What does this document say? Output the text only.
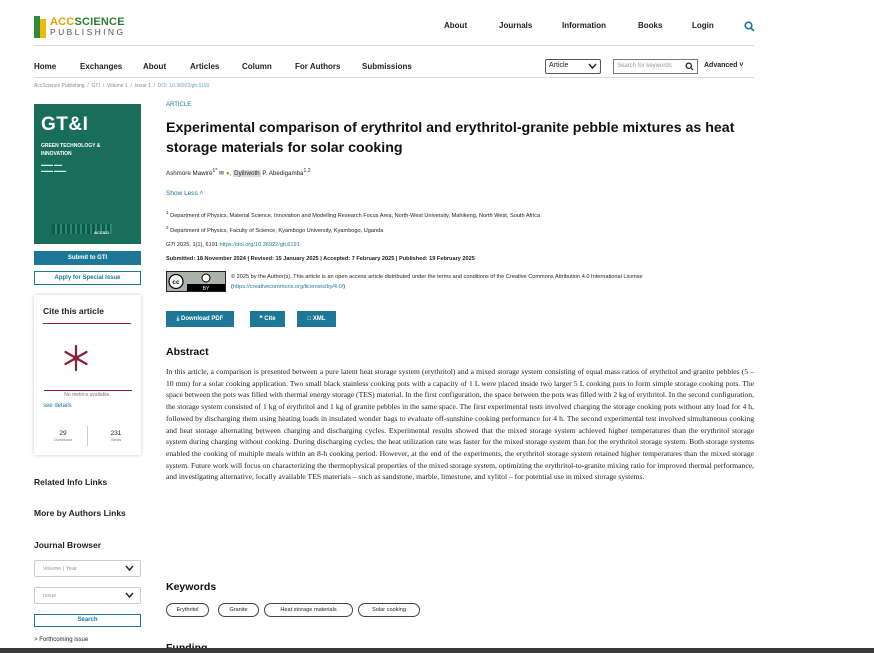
ACCSCIENCE
PUBLISHING
About	Journals	Information	Books	Login
Home	Exchanges	About	Articles	Column	For Authors	Submissions	Article	Search for keywords	Advanced ˅
AccScience Publishing  /  GTI  /  Volume 1  /  Issue 1  /  DOI: 10.36922/gti.6191
GT&I
GREEN TECHNOLOGY &
INNOVATION
▬▬▬ ▬▬
▬▬▬ ▬▬▬
ACCSCI
Submit to GTI
Apply for Special Issue
Cite this article
No metrics available.
see details
29
Download
231
Views
Related Info Links
More by Authors Links
Journal Browser
Volume | Year
Issue
Search
> Forthcoming issue
ARTICLE
Experimental comparison of erythritol and erythritol-granite pebble mixtures as heat storage materials for solar cooking
Ashmore Mawire$^{1*}$ ✉ ●, Dyilrwoth P. Abedigamba$^{1,2}$
Show Less ˄
$^1$ Department of Physics, Material Science, Innovation and Modelling Research Focus Area, North-West University, Mahikeng, North West, South Africa
$^2$ Department of Physics, Faculty of Science, Kyambogo University, Kyambogo, Uganda
GTI 2025, 1(1), 6191 https://doi.org/10.36922/gti.6191
Submitted: 18 November 2024 | Revised: 15 January 2025 | Accepted: 7 February 2025 | Published: 19 February 2025
cc
BY
© 2025 by the Author(s). This article is an open access article distributed under the terms and conditions of the Creative Commons Attribution 4.0 International License (https://creativecommons.org/licenses/by/4.0/)
⤓ Download PDF	❝ Cite	□ XML
Abstract

In this article, a comparison is presented between a pure latent heat storage system (erythritol) and a mixed storage system consisting of equal mass ratios of erythritol and granite pebbles (5 – 10 mm) for a solar cooking application. Two small black stainless cooking pots with a capacity of 1 L were placed inside two larger 5 L cooking pots to form simple storage cooking pots. The space between the pots was filled with thermal energy storage (TES) material. In the first configuration, the space between the pots was filled with 2 kg of erythritol. In the second configuration, the storage system consisted of 1 kg of erythritol and 1 kg of granite pebbles in the same space. The first experimental tests involved charging the storage cooking pots without any load for 4 h, followed by discharging them using heating loads in insulated wonder bags to evaluate off-sunshine cooking performance for 4 h. The second experimental test involved simultaneous cooking and heat storage alternating between charging and discharging cycles. Experimental results showed that the mixed storage system achieved higher temperatures than the erythritol storage system during charging without cooking. During discharging cycles, the heat utilization rate was faster for the mixed storage system than for the erythritol storage system. Both storage systems enabled the cooking of multiple meals within an 8-h cooking period. However, at the end of the experiments, the erythritol storage system retained higher temperatures than the mixed storage system. Future work will focus on characterizing the thermophysical properties of the mixed storage system, optimizing the erythritol-to-granite mixing ratio for improved thermal performance, and investigating alternative, locally available TES materials – such as sandstone, marble, limestone, and xylitol – for potential use in mixed storage systems.

Keywords
Erythritol	Granite	Heat storage materials	Solar cooking
